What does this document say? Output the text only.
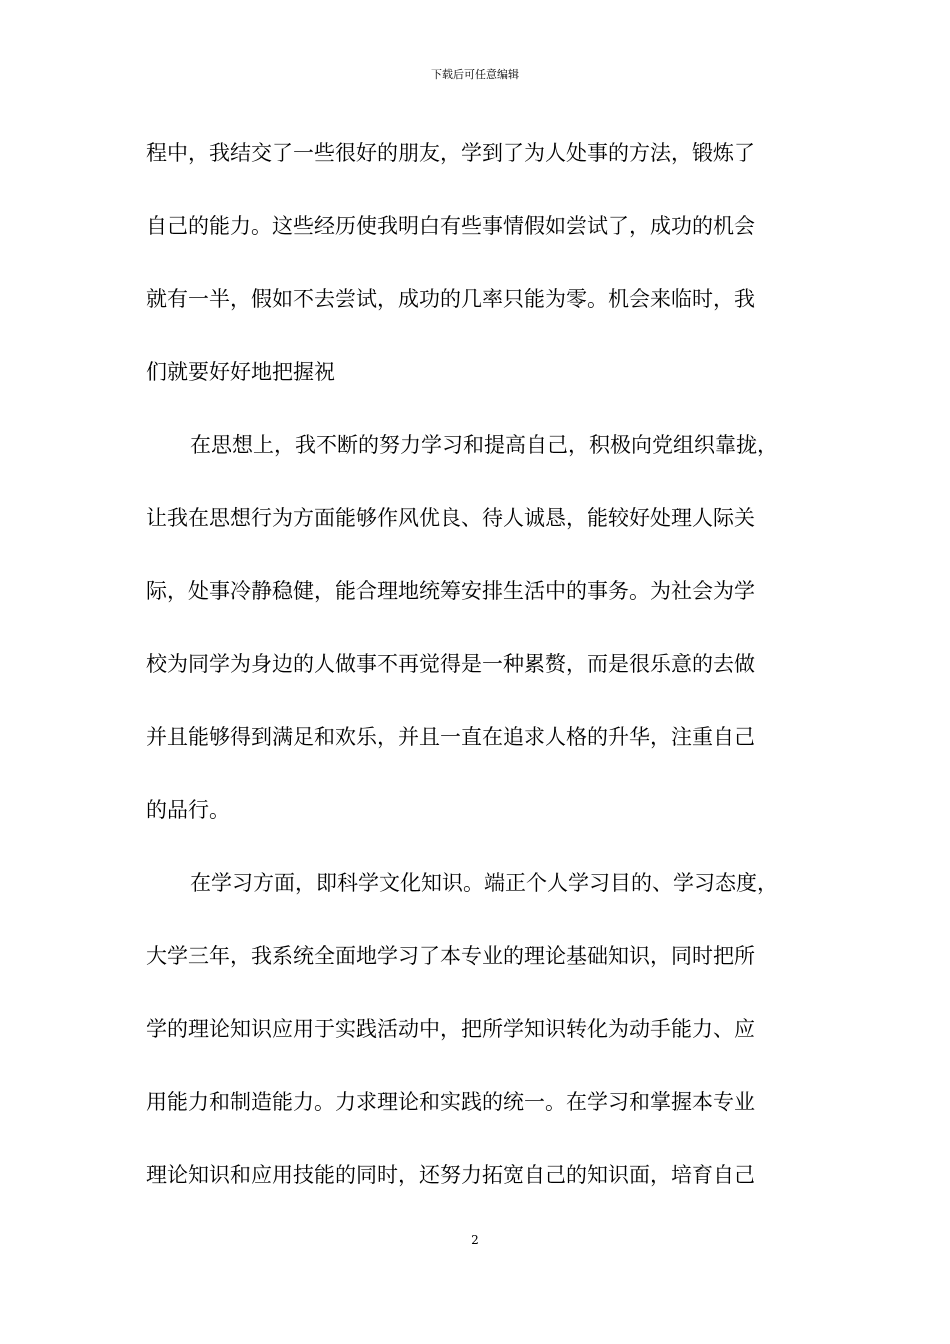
下载后可任意编辑
程中，我结交了一些很好的朋友，学到了为人处事的方法，锻炼了
自己的能力。这些经历使我明白有些事情假如尝试了，成功的机会
就有一半，假如不去尝试，成功的几率只能为零。机会来临时，我
们就要好好地把握祝
在思想上，我不断的努力学习和提高自己，积极向党组织靠拢，
让我在思想行为方面能够作风优良、待人诚恳，能较好处理人际关
际，处事冷静稳健，能合理地统筹安排生活中的事务。为社会为学
校为同学为身边的人做事不再觉得是一种累赘，而是很乐意的去做
并且能够得到满足和欢乐，并且一直在追求人格的升华，注重自己
的品行。
在学习方面，即科学文化知识。端正个人学习目的、学习态度，
大学三年，我系统全面地学习了本专业的理论基础知识，同时把所
学的理论知识应用于实践活动中，把所学知识转化为动手能力、应
用能力和制造能力。力求理论和实践的统一。在学习和掌握本专业
理论知识和应用技能的同时，还努力拓宽自己的知识面，培育自己
2
